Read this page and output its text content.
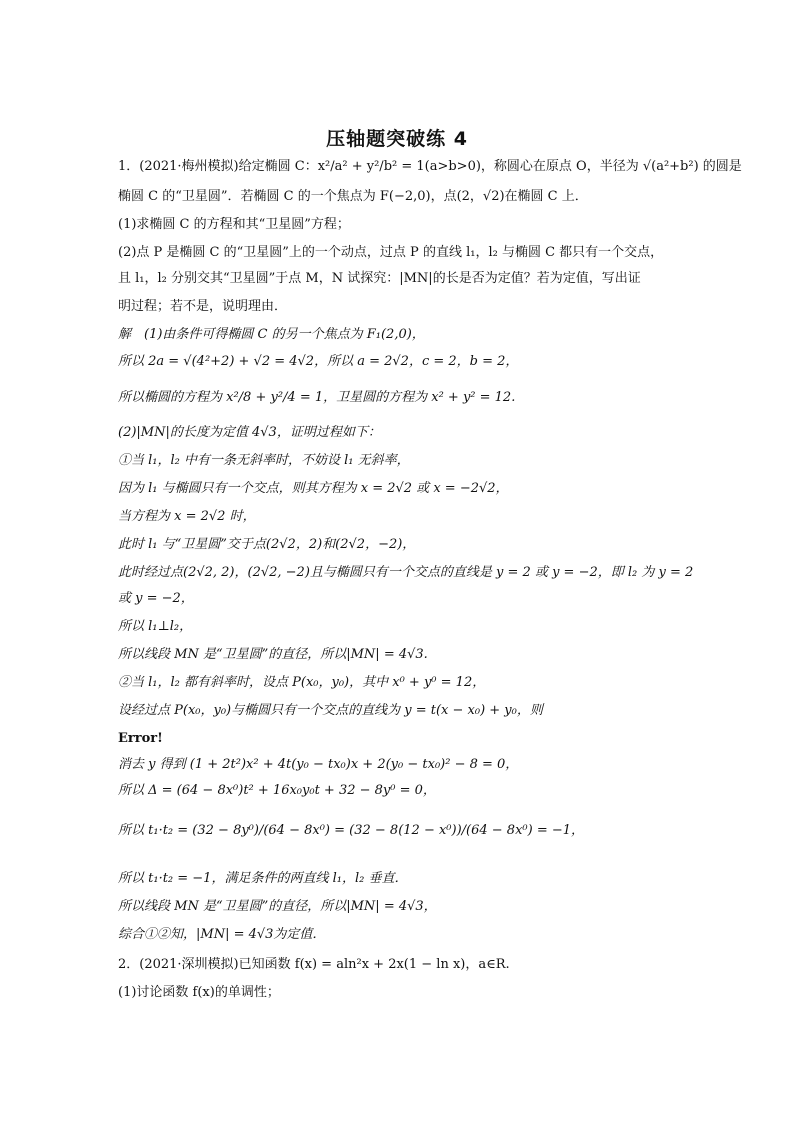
压轴题突破练 4
1．(2021·梅州模拟)给定椭圆 C：x²/a² + y²/b² = 1(a>b>0)，称圆心在原点 O，半径为 √(a²+b²) 的圆是
椭圆 C 的“卫星圆”．若椭圆 C 的一个焦点为 F(−2,0)，点(2，√2)在椭圆 C 上．
(1)求椭圆 C 的方程和其“卫星圆”方程；
(2)点 P 是椭圆 C 的“卫星圆”上的一个动点，过点 P 的直线 l₁，l₂ 与椭圆 C 都只有一个交点，
且 l₁，l₂ 分别交其“卫星圆”于点 M，N 试探究：|MN|的长是否为定值？若为定值，写出证
明过程；若不是，说明理由．
解　(1)由条件可得椭圆 C 的另一个焦点为 F₁(2,0)，
所以 2a = √(4²+2) + √2 = 4√2，所以 a = 2√2，c = 2，b = 2，
所以椭圆的方程为 x²/8 + y²/4 = 1，卫星圆的方程为 x² + y² = 12.
(2)|MN|的长度为定值 4√3，证明过程如下：
①当 l₁，l₂ 中有一条无斜率时，不妨设 l₁ 无斜率，
因为 l₁ 与椭圆只有一个交点，则其方程为 x = 2√2 或 x = −2√2，
当方程为 x = 2√2 时，
此时 l₁ 与“卫星圆”交于点(2√2，2)和(2√2，−2)，
此时经过点(2√2, 2)，(2√2, −2)且与椭圆只有一个交点的直线是 y = 2 或 y = −2，即 l₂ 为 y = 2
或 y = −2，
所以 l₁⊥l₂，
所以线段 MN 是“卫星圆”的直径，所以|MN| = 4√3.
②当 l₁，l₂ 都有斜率时，设点 P(x₀，y₀)，其中 x⁰ + y⁰ = 12，
设经过点 P(x₀，y₀)与椭圆只有一个交点的直线为 y = t(x − x₀) + y₀，则
Error!
消去 y 得到 (1 + 2t²)x² + 4t(y₀ − tx₀)x + 2(y₀ − tx₀)² − 8 = 0，
所以 Δ = (64 − 8x⁰)t² + 16x₀y₀t + 32 − 8y⁰ = 0，
所以 t₁·t₂ = (32 − 8y⁰)/(64 − 8x⁰) = (32 − 8(12 − x⁰))/(64 − 8x⁰) = −1，
所以 t₁·t₂ = −1，满足条件的两直线 l₁，l₂ 垂直．
所以线段 MN 是“卫星圆”的直径，所以|MN| = 4√3，
综合①②知，|MN| = 4√3为定值．
2．(2021·深圳模拟)已知函数 f(x) = aln²x + 2x(1 − ln x)，a∈R.
(1)讨论函数 f(x)的单调性；
